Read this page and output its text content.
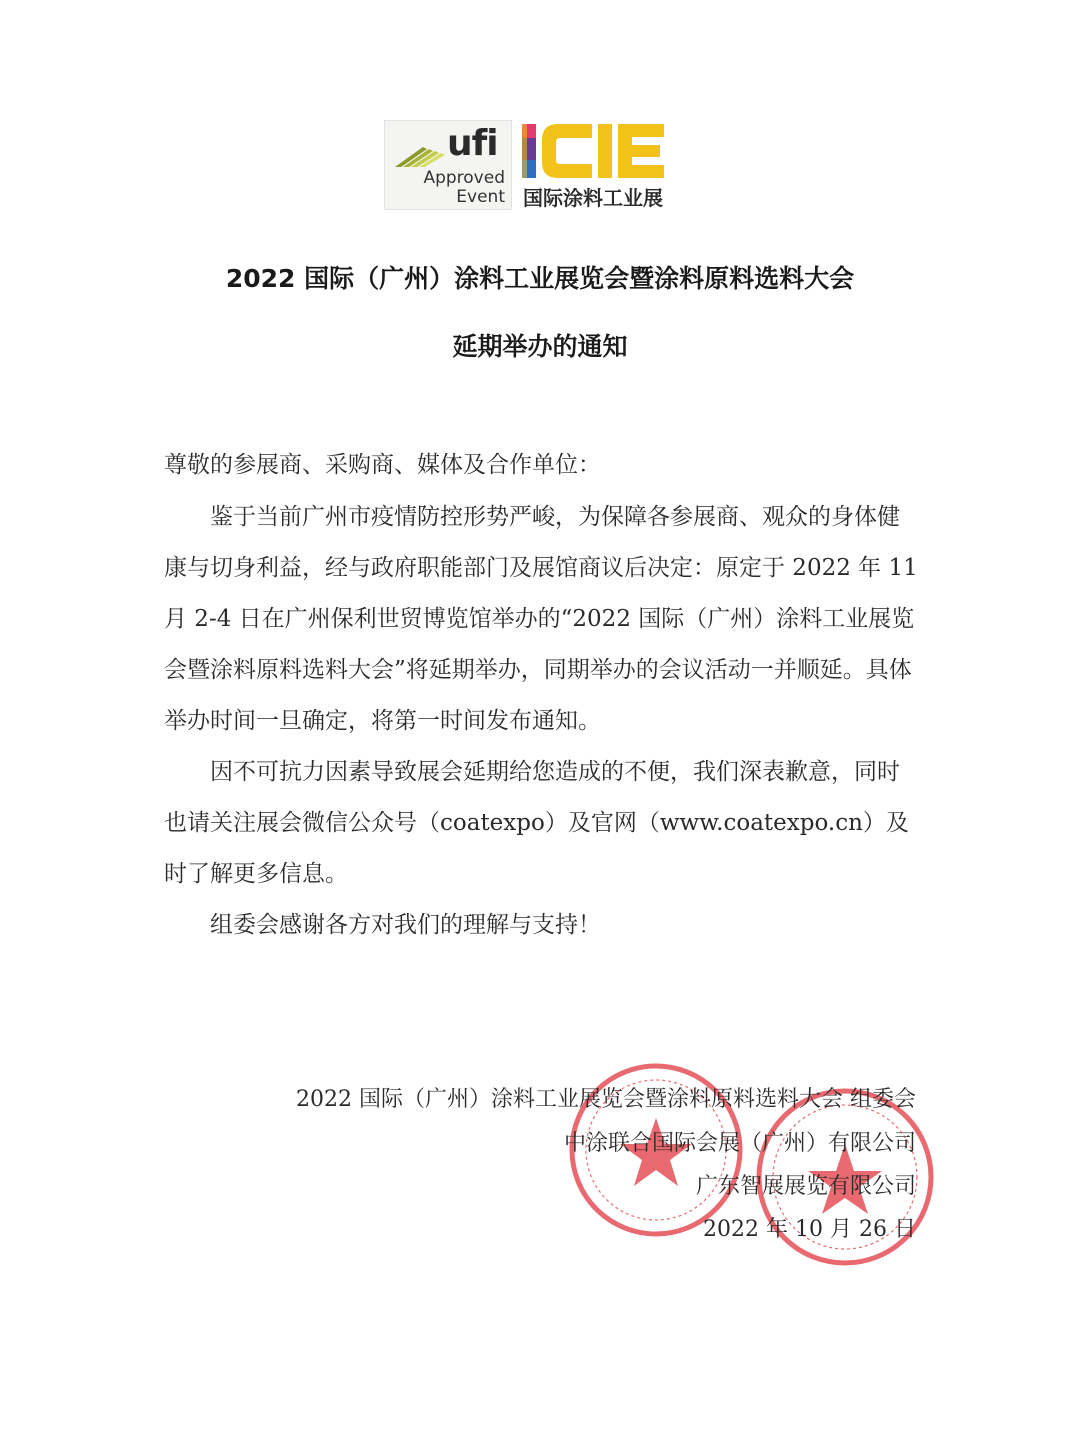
ufi
Approved
Event 国际涂料工业展
2022 国际（广州）涂料工业展览会暨涂料原料选料大会
延期举办的通知
尊敬的参展商、采购商、媒体及合作单位：
鉴于当前广州市疫情防控形势严峻，为保障各参展商、观众的身体健康与切身利益，经与政府职能部门及展馆商议后决定：原定于 2022 年 11 月 2-4 日在广州保利世贸博览馆举办的“2022 国际（广州）涂料工业展览会暨涂料原料选料大会”将延期举办，同期举办的会议活动一并顺延。具体举办时间一旦确定，将第一时间发布通知。
因不可抗力因素导致展会延期给您造成的不便，我们深表歉意，同时也请关注展会微信公众号（coatexpo）及官网（www.coatexpo.cn）及时了解更多信息。
组委会感谢各方对我们的理解与支持！
2022 国际（广州）涂料工业展览会暨涂料原料选料大会 组委会
中涂联合国际会展（广州）有限公司
广东智展展览有限公司
2022 年 10 月 26 日
